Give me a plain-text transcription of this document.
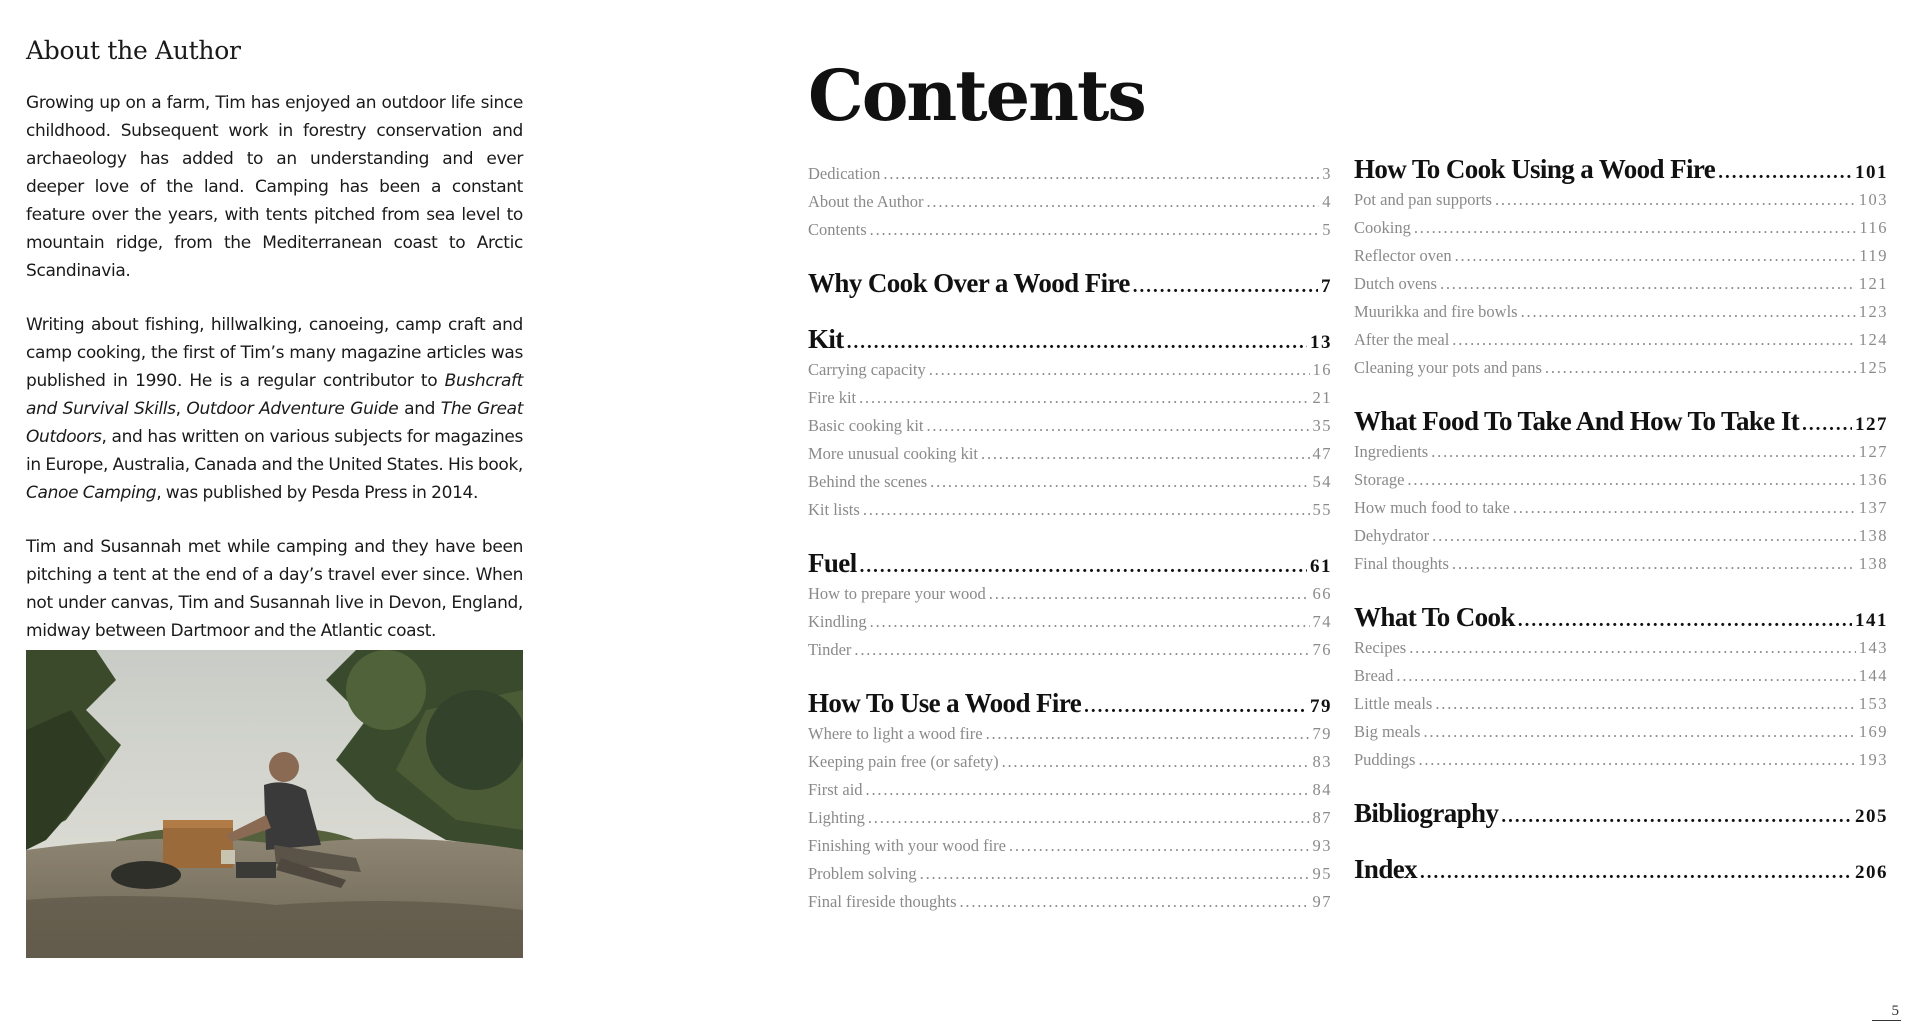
About the Author

Growing up on a farm, Tim has enjoyed an outdoor life since childhood. Subsequent work in forestry conservation and archaeology has added to an understanding and ever deeper love of the land. Camping has been a constant feature over the years, with tents pitched from sea level to mountain ridge, from the Mediterranean coast to Arctic Scandinavia.

Writing about fishing, hillwalking, canoeing, camp craft and camp cooking, the first of Tim’s many magazine articles was published in 1990. He is a regular contributor to Bushcraft and Survival Skills, Outdoor Adventure Guide and The Great Outdoors, and has written on various subjects for magazines in Europe, Australia, Canada and the United States. His book, Canoe Camping, was published by Pesda Press in 2014.

Tim and Susannah met while camping and they have been pitching a tent at the end of a day’s travel ever since. When not under canvas, Tim and Susannah live in Devon, England, midway between Dartmoor and the Atlantic coast.

Contents
Dedication .....	3
About the Author .....	4
Contents .....	5
Why Cook Over a Wood Fire .....	7
Kit .....	13
Carrying capacity .....	16
Fire kit .....	21
Basic cooking kit .....	35
More unusual cooking kit .....	47
Behind the scenes .....	54
Kit lists .....	55
Fuel .....	61
How to prepare your wood .....	66
Kindling .....	74
Tinder .....	76
How To Use a Wood Fire .....	79
Where to light a wood fire .....	79
Keeping pain free (or safety) .....	83
First aid .....	84
Lighting .....	87
Finishing with your wood fire .....	93
Problem solving .....	95
Final fireside thoughts .....	97
How To Cook Using a Wood Fire .....	101
Pot and pan supports .....	103
Cooking .....	116
Reflector oven .....	119
Dutch ovens .....	121
Muurikka and fire bowls .....	123
After the meal .....	124
Cleaning your pots and pans .....	125
What Food To Take And How To Take It .....	127
Ingredients .....	127
Storage .....	136
How much food to take .....	137
Dehydrator .....	138
Final thoughts .....	138
What To Cook .....	141
Recipes .....	143
Bread .....	144
Little meals .....	153
Big meals .....	169
Puddings .....	193
Bibliography .....	205
Index .....	206
5
